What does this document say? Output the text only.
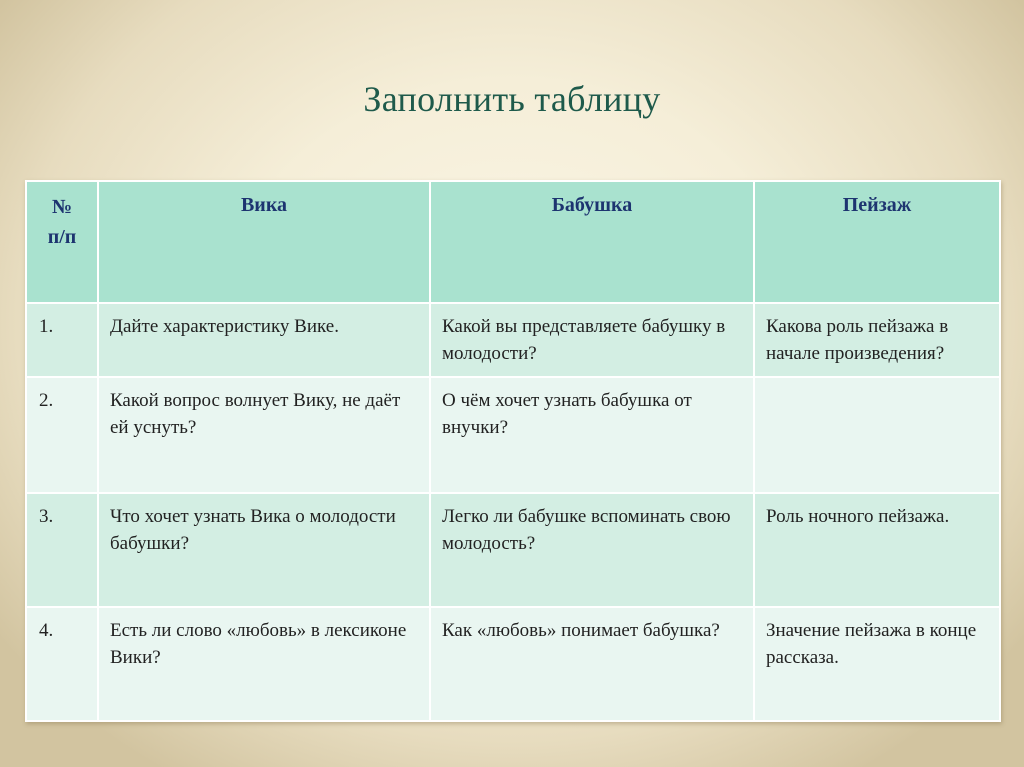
Заполнить таблицу
№
п/п	Вика	Бабушка	Пейзаж
1.	Дайте характеристику Вике.	Какой вы представляете бабушку в молодости?	Какова роль пейзажа в начале произведения?
2.	Какой вопрос волнует Вику, не даёт ей уснуть?	О чём хочет узнать бабушка от внучки?	
3.	Что хочет узнать Вика о молодости бабушки?	Легко ли бабушке вспоминать свою молодость?	Роль ночного пейзажа.
4.	Есть ли слово «любовь» в лексиконе Вики?	Как «любовь» понимает бабушка?	Значение пейзажа в конце рассказа.
